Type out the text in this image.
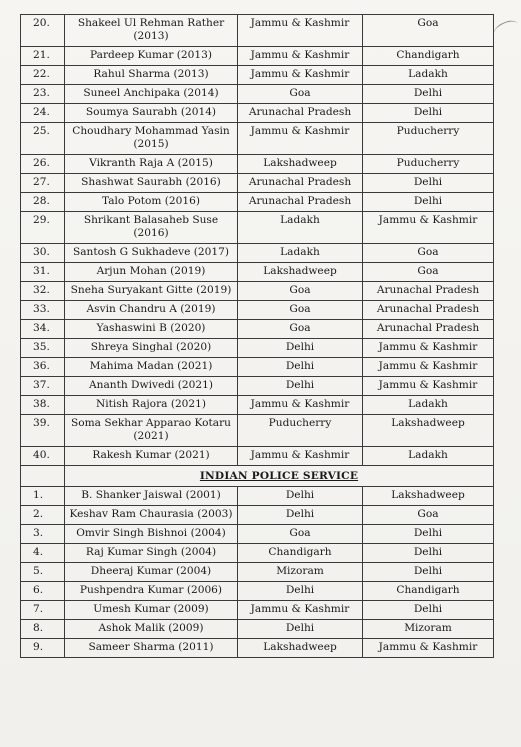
20.	Shakeel Ul Rehman Rather (2013)	Jammu & Kashmir	Goa
21.	Pardeep Kumar (2013)	Jammu & Kashmir	Chandigarh
22.	Rahul Sharma (2013)	Jammu & Kashmir	Ladakh
23.	Suneel Anchipaka (2014)	Goa	Delhi
24.	Soumya Saurabh (2014)	Arunachal Pradesh	Delhi
25.	Choudhary Mohammad Yasin (2015)	Jammu & Kashmir	Puducherry
26.	Vikranth Raja A (2015)	Lakshadweep	Puducherry
27.	Shashwat Saurabh (2016)	Arunachal Pradesh	Delhi
28.	Talo Potom (2016)	Arunachal Pradesh	Delhi
29.	Shrikant Balasaheb Suse (2016)	Ladakh	Jammu & Kashmir
30.	Santosh G Sukhadeve (2017)	Ladakh	Goa
31.	Arjun Mohan (2019)	Lakshadweep	Goa
32.	Sneha Suryakant Gitte (2019)	Goa	Arunachal Pradesh
33.	Asvin Chandru A (2019)	Goa	Arunachal Pradesh
34.	Yashaswini B (2020)	Goa	Arunachal Pradesh
35.	Shreya Singhal (2020)	Delhi	Jammu & Kashmir
36.	Mahima Madan (2021)	Delhi	Jammu & Kashmir
37.	Ananth Dwivedi (2021)	Delhi	Jammu & Kashmir
38.	Nitish Rajora (2021)	Jammu & Kashmir	Ladakh
39.	Soma Sekhar Apparao Kotaru (2021)	Puducherry	Lakshadweep
40.	Rakesh Kumar (2021)	Jammu & Kashmir	Ladakh
	INDIAN POLICE SERVICE		
1.	B. Shanker Jaiswal (2001)	Delhi	Lakshadweep
2.	Keshav Ram Chaurasia (2003)	Delhi	Goa
3.	Omvir Singh Bishnoi (2004)	Goa	Delhi
4.	Raj Kumar Singh (2004)	Chandigarh	Delhi
5.	Dheeraj Kumar (2004)	Mizoram	Delhi
6.	Pushpendra Kumar (2006)	Delhi	Chandigarh
7.	Umesh Kumar (2009)	Jammu & Kashmir	Delhi
8.	Ashok Malik (2009)	Delhi	Mizoram
9.	Sameer Sharma (2011)	Lakshadweep	Jammu & Kashmir
